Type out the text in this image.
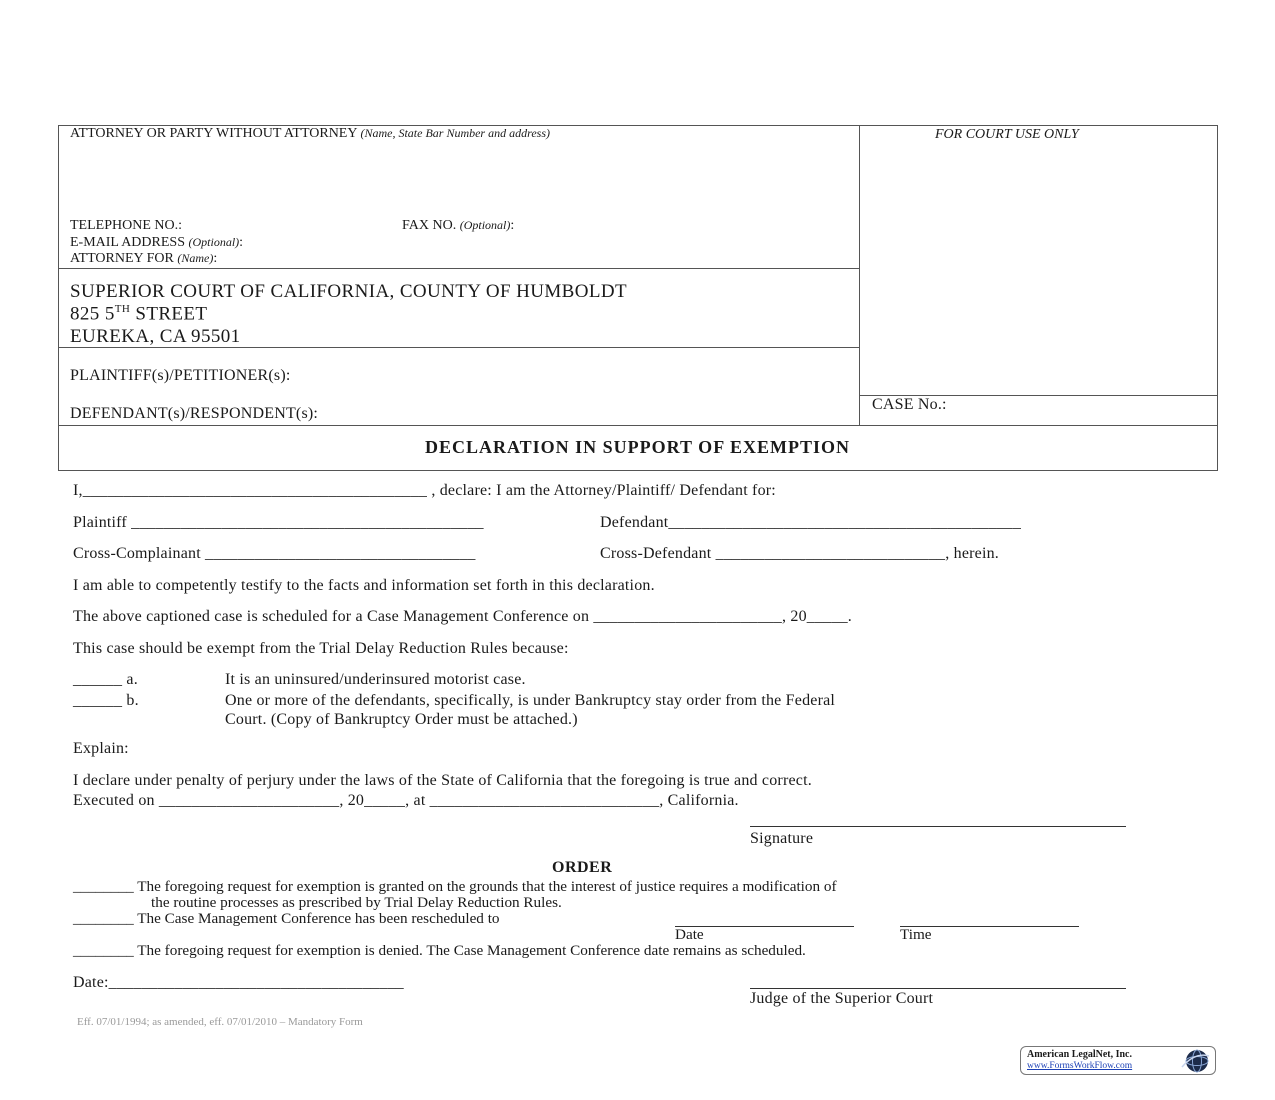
ATTORNEY OR PARTY WITHOUT ATTORNEY (Name, State Bar Number and address)	FOR COURT USE ONLY
TELEPHONE NO.:	FAX NO. (Optional):
E-MAIL ADDRESS (Optional):
ATTORNEY FOR (Name):
SUPERIOR COURT OF CALIFORNIA, COUNTY OF HUMBOLDT
825 5TH STREET
EUREKA, CA 95501
PLAINTIFF(s)/PETITIONER(s):
DEFENDANT(s)/RESPONDENT(s):
CASE No.:
DECLARATION IN SUPPORT OF EXEMPTION
I,__________________________________________ , declare: I am the Attorney/Plaintiff/ Defendant for:
Plaintiff ___________________________________________	Defendant___________________________________________
Cross-Complainant _________________________________	Cross-Defendant ____________________________, herein.
I am able to competently testify to the facts and information set forth in this declaration.
The above captioned case is scheduled for a Case Management Conference on _______________________, 20_____.
This case should be exempt from the Trial Delay Reduction Rules because:
______ a.	It is an uninsured/underinsured motorist case.
______ b.	One or more of the defendants, specifically, is under Bankruptcy stay order from the Federal
Court. (Copy of Bankruptcy Order must be attached.)
Explain:
I declare under penalty of perjury under the laws of the State of California that the foregoing is true and correct.
Executed on ______________________, 20_____, at ____________________________, California.
Signature
ORDER
________ The foregoing request for exemption is granted on the grounds that the interest of justice requires a modification of
the routine processes as prescribed by Trial Delay Reduction Rules.
________ The Case Management Conference has been rescheduled to
Date	Time
________ The foregoing request for exemption is denied. The Case Management Conference date remains as scheduled.
Date:____________________________________
Judge of the Superior Court
Eff. 07/01/1994; as amended, eff. 07/01/2010 – Mandatory Form
American LegalNet, Inc.
www.FormsWorkFlow.com
